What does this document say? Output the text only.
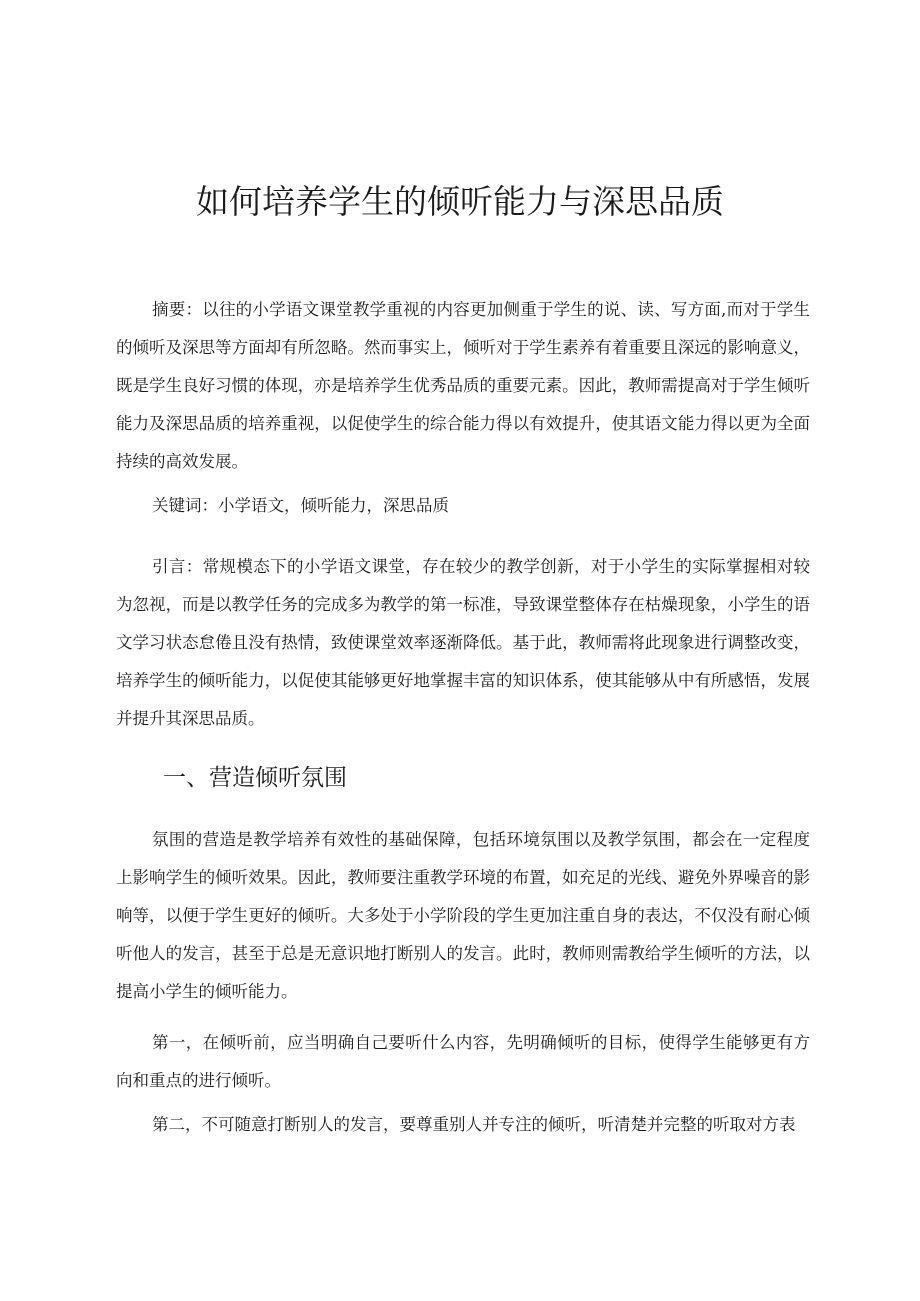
如何培养学生的倾听能力与深思品质

摘要：以往的小学语文课堂教学重视的内容更加侧重于学生的说、读、写方面,而对于学生的倾听及深思等方面却有所忽略。然而事实上，倾听对于学生素养有着重要且深远的影响意义，既是学生良好习惯的体现，亦是培养学生优秀品质的重要元素。因此，教师需提高对于学生倾听能力及深思品质的培养重视，以促使学生的综合能力得以有效提升，使其语文能力得以更为全面持续的高效发展。

关键词：小学语文，倾听能力，深思品质

引言：常规模态下的小学语文课堂，存在较少的教学创新，对于小学生的实际掌握相对较为忽视，而是以教学任务的完成多为教学的第一标准，导致课堂整体存在枯燥现象，小学生的语文学习状态怠倦且没有热情，致使课堂效率逐渐降低。基于此，教师需将此现象进行调整改变，培养学生的倾听能力，以促使其能够更好地掌握丰富的知识体系，使其能够从中有所感悟，发展并提升其深思品质。

一、营造倾听氛围

氛围的营造是教学培养有效性的基础保障，包括环境氛围以及教学氛围，都会在一定程度上影响学生的倾听效果。因此，教师要注重教学环境的布置，如充足的光线、避免外界噪音的影响等，以便于学生更好的倾听。大多处于小学阶段的学生更加注重自身的表达，不仅没有耐心倾听他人的发言，甚至于总是无意识地打断别人的发言。此时，教师则需教给学生倾听的方法，以提高小学生的倾听能力。

第一，在倾听前，应当明确自己要听什么内容，先明确倾听的目标，使得学生能够更有方向和重点的进行倾听。

第二，不可随意打断别人的发言，要尊重别人并专注的倾听，听清楚并完整的听取对方表
